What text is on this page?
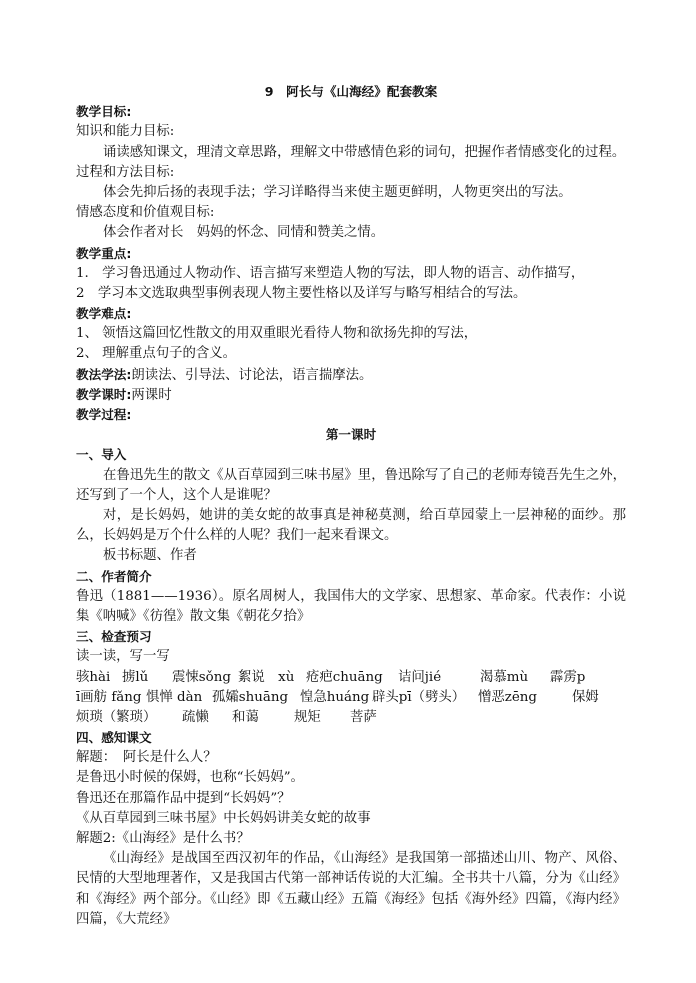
9　阿长与《山海经》配套教案
教学目标:
知识和能力目标:
诵读感知课文，理清文章思路，理解文中带感情色彩的词句，把握作者情感变化的过程。
过程和方法目标:
体会先抑后扬的表现手法；学习详略得当来使主题更鲜明，人物更突出的写法。
情感态度和价值观目标:
体会作者对长　妈妈的怀念、同情和赞美之情。
教学重点:
1.　学习鲁迅通过人物动作、语言描写来塑造人物的写法，即人物的语言、动作描写，
2　学习本文选取典型事例表现人物主要性格以及详写与略写相结合的写法。
教学难点:
1、 领悟这篇回忆性散文的用双重眼光看待人物和欲扬先抑的写法，
2、 理解重点句子的含义。
教法学法:朗读法、引导法、讨论法，语言揣摩法。
教学课时:两课时
教学过程:
第一课时
一、导入
在鲁迅先生的散文《从百草园到三味书屋》里，鲁迅除写了自己的老师寿镜吾先生之外，还写到了一个人，这个人是谁呢？
对，是长妈妈，她讲的美女蛇的故事真是神秘莫测，给百草园蒙上一层神秘的面纱。那么，长妈妈是万个什么样的人呢？我们一起来看课文。
板书标题、作者
二、作者简介
鲁迅（1881——1936）。原名周树人，我国伟大的文学家、思想家、革命家。代表作：小说集《呐喊》《彷徨》散文集《朝花夕拾》
三、检查预习
读一读，写一写
骇hài 掳lǔ 震悚sǒng 絮说　xù 疮疤chuāng 诘问jié	渴慕mù 霹雳p
ī画舫 fǎng 惧惮 dàn 孤孀shuāng 惶急huáng 辟头pī（劈头） 憎恶zēng	保姆
烦琐（繁琐） 疏懒 和蔼	规矩 菩萨
四、感知课文
解题：　阿长是什么人？
是鲁迅小时候的保姆，也称“长妈妈”。
鲁迅还在那篇作品中提到“长妈妈”？
《从百草园到三味书屋》中长妈妈讲美女蛇的故事
解题2:《山海经》是什么书？
《山海经》是战国至西汉初年的作品，《山海经》是我国第一部描述山川、物产、风俗、民情的大型地理著作，又是我国古代第一部神话传说的大汇编。全书共十八篇，分为《山经》和《海经》两个部分。《山经》即《五藏山经》五篇《海经》包括《海外经》四篇，《海内经》四篇，《大荒经》
